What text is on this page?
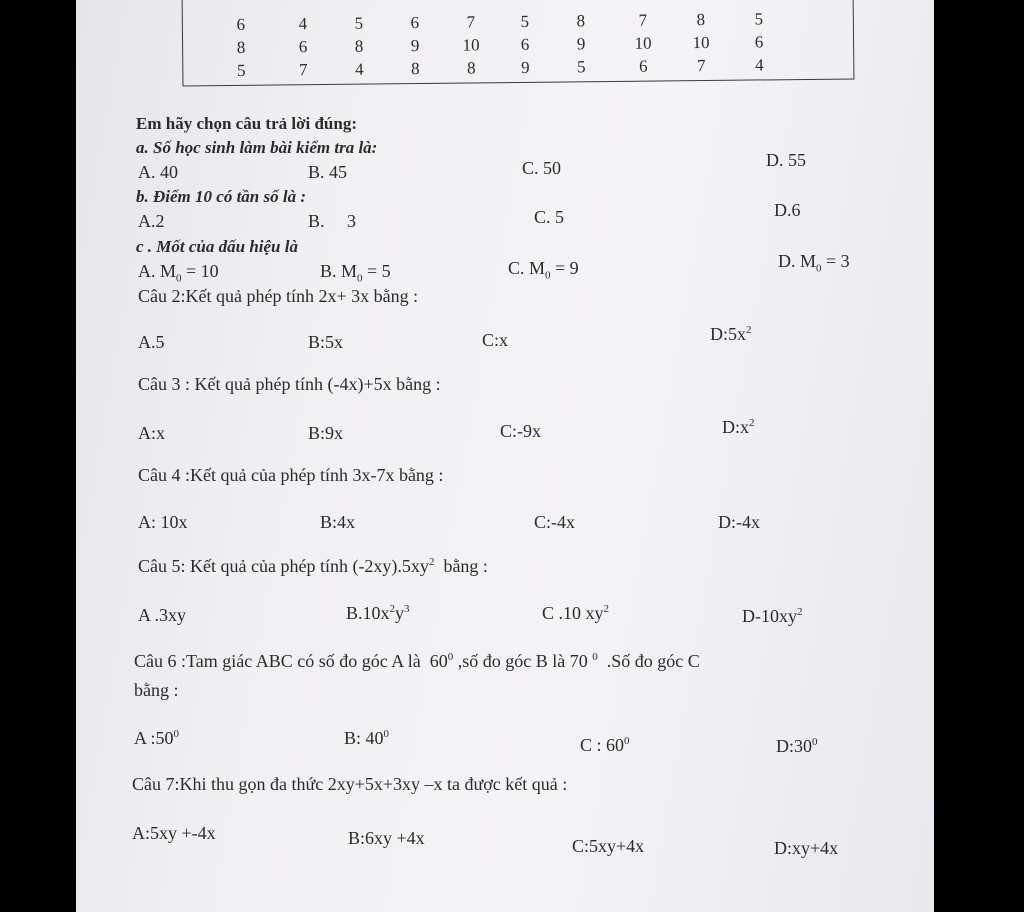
6	4	5	6	7	5	8	7	8	5
8	6	8	9	10	6	9	10	10	6
5	7	4	8	8	9	5	6	7	4
Em hãy chọn câu trả lời đúng:
a. Số học sinh làm bài kiểm tra là:
A. 40	B. 45	C. 50	D. 55
b. Điểm 10 có tần số là :
A.2	B.     3	C. 5	D.6
c . Mốt của dấu hiệu là
A. $M_0 = 10$	B. $M_0 = 5$	C. $M_0 = 9$	D. $M_0 = 3$
Câu 2:Kết quả phép tính 2x+ 3x bằng :
A.5	B:5x	C:x	$D:5x^2$
Câu 3 : Kết quả phép tính (-4x)+5x bằng :
A:x	B:9x	C:-9x	$D:x^2$
Câu 4 :Kết quả của phép tính 3x-7x bằng :
A: 10x	B:4x	C:-4x	D:-4x
Câu 5: Kết quả của phép tính $(-2xy).5xy^2$  bằng :
A .3xy	$B.10x^2y^3$	C .10 $xy^2$	$D-10xy^2$
Câu 6 :Tam giác ABC có số đo góc A là  $60^0$ ,số đo góc B là 70 $^0$  .Số đo góc C
bằng :
A $:50^0$	B: $40^0$
C : $60^0$	$D:30^0$
Câu 7:Khi thu gọn đa thức 2xy+5x+3xy –x ta được kết quả :
A:5xy +-4x	B:6xy +4x	C:5xy+4x	D:xy+4x
